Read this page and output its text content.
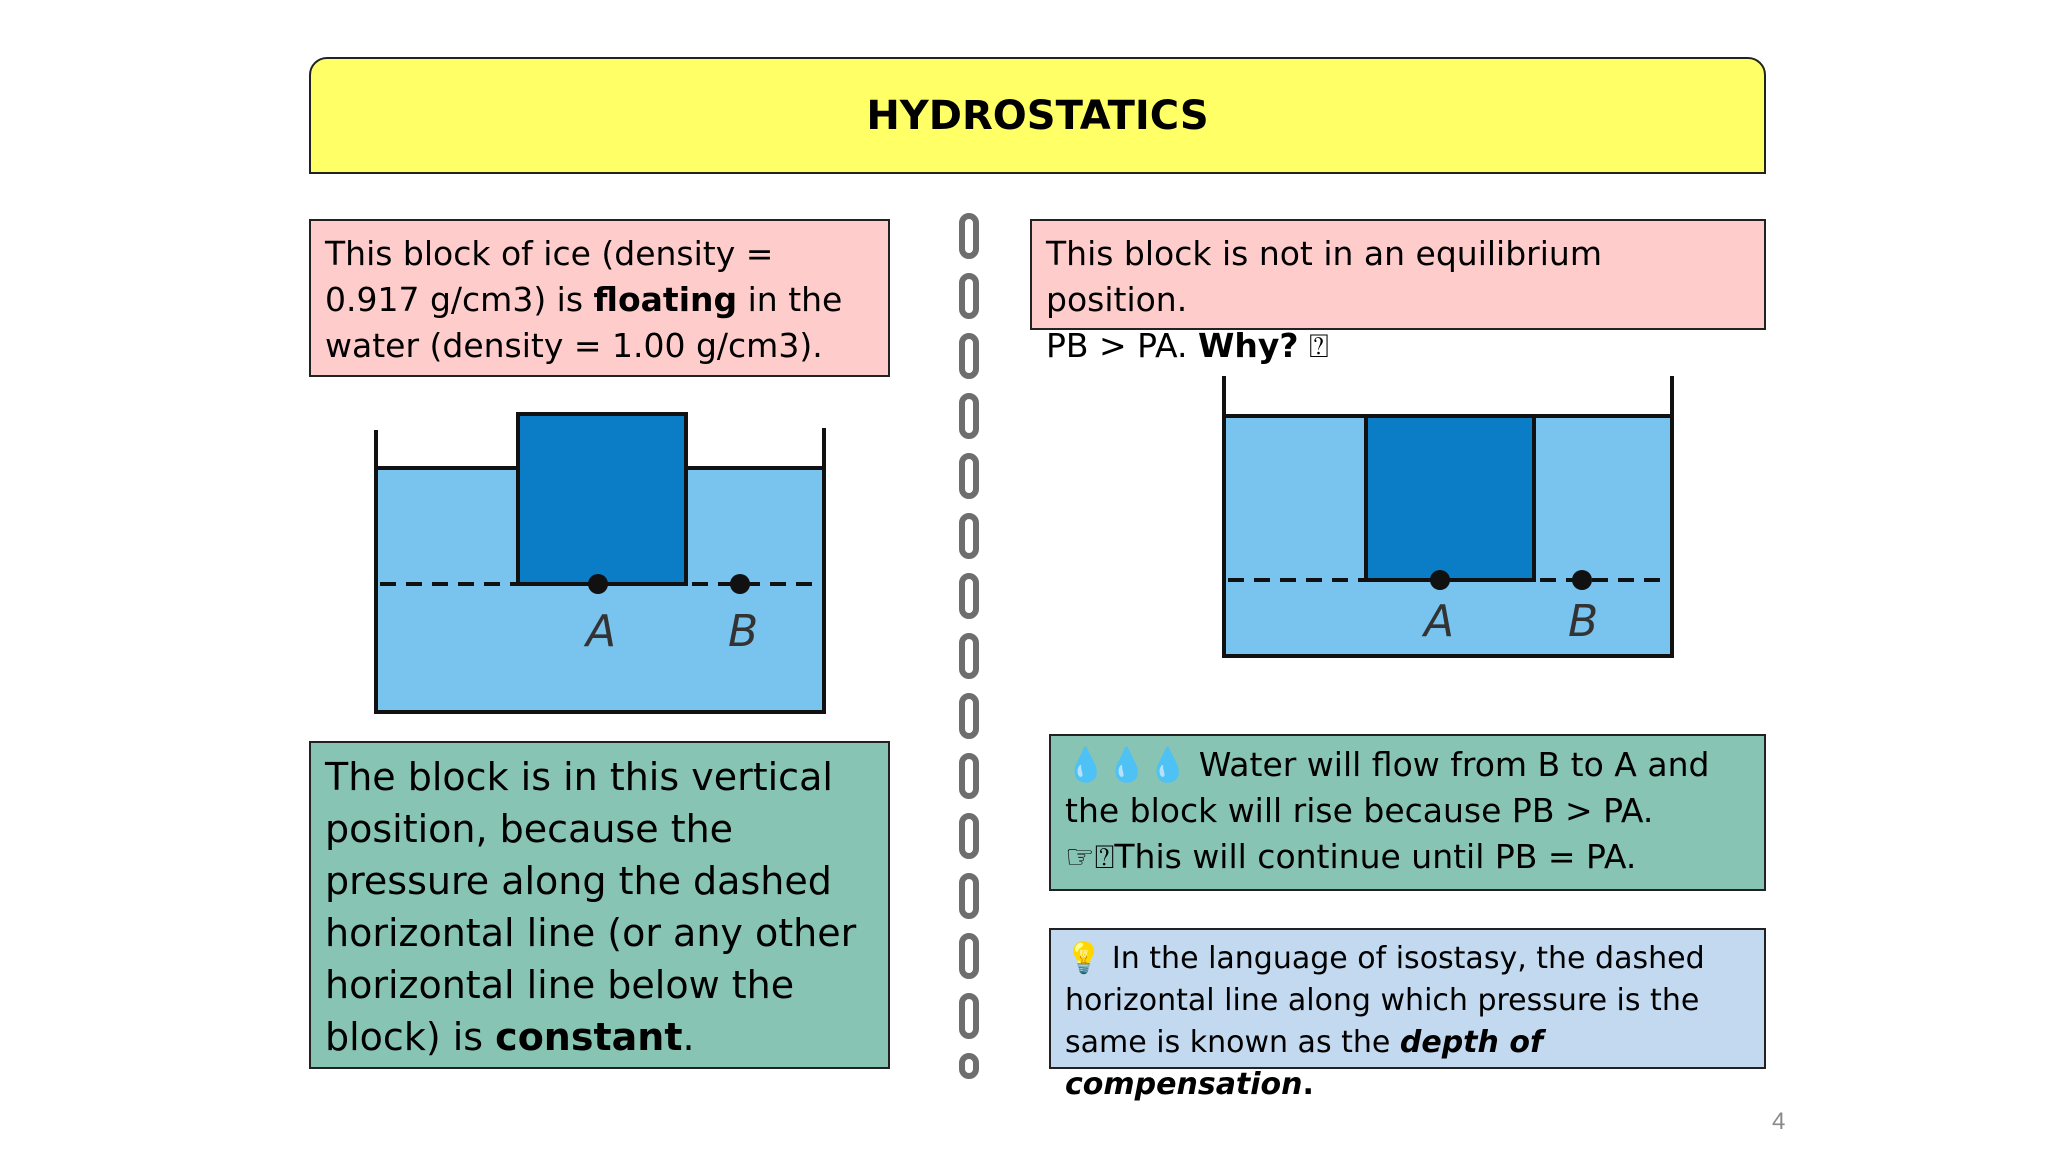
HYDROSTATICS
This block of ice (density = 0.917 g/cm3) is floating in the water (density = 1.00 g/cm3).
A	B
The block is in this vertical position, because the pressure along the dashed horizontal line (or any other horizontal line below the block) is constant.
This block is not in an equilibrium position.
PB > PA. Why? ⍰
A	B
💧💧💧 Water will flow from B to A and the block will rise because PB > PA.
☞⍰This will continue until PB = PA.
💡 In the language of isostasy, the dashed horizontal line along which pressure is the same is known as the depth of compensation.
4
